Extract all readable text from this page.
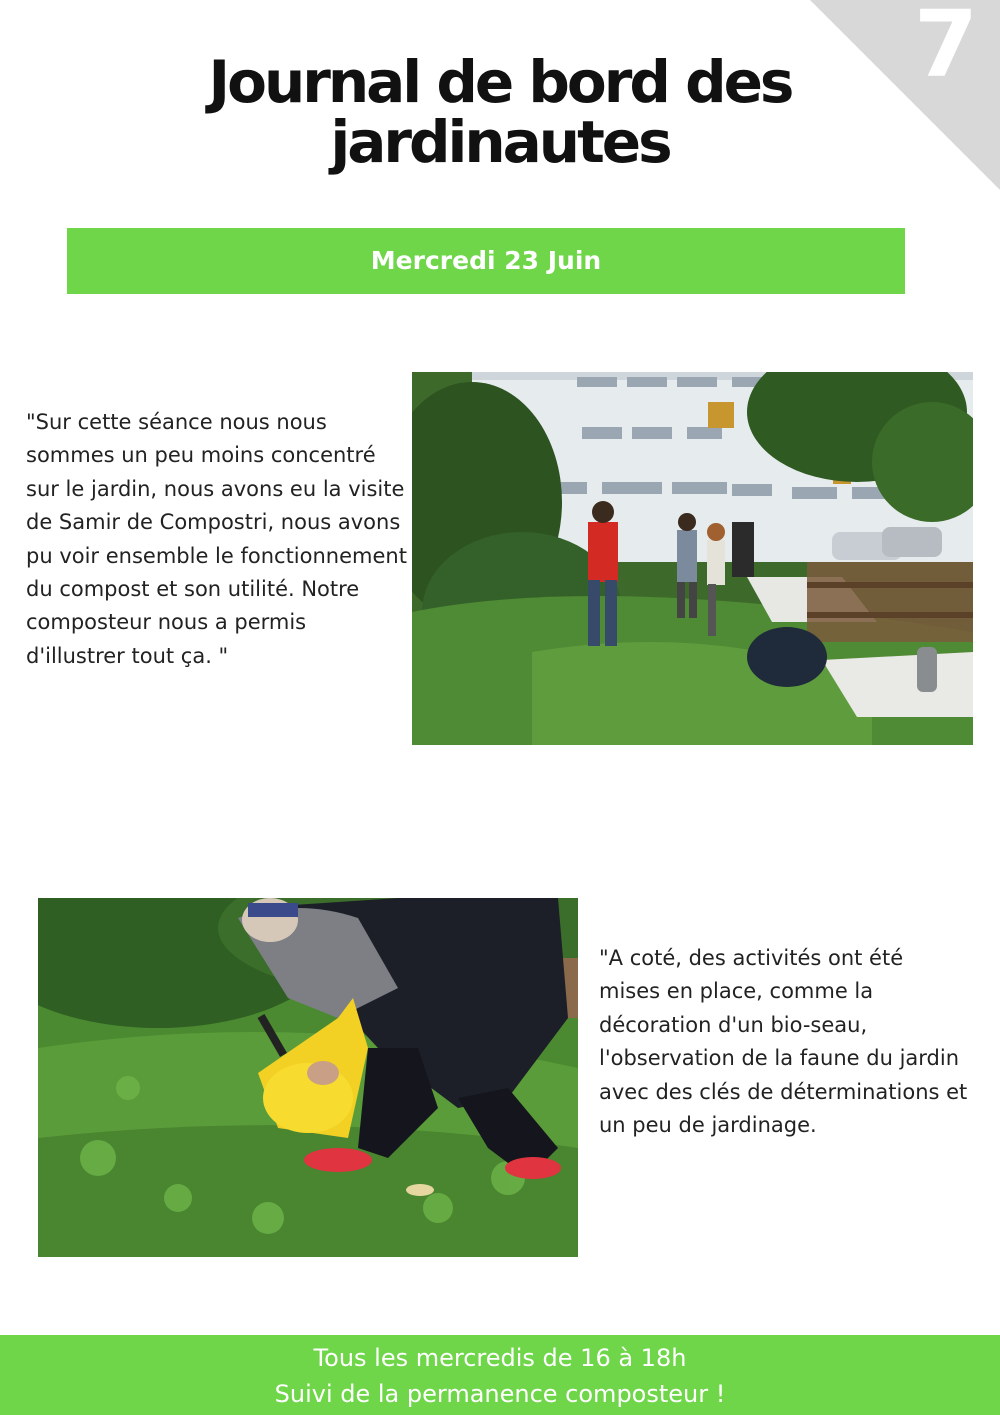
7
Journal de bord des jardinautes
Mercredi 23 Juin

"Sur cette séance nous nous sommes un peu moins concentré sur le jardin, nous avons eu la visite de Samir de Compostri, nous avons pu voir ensemble le fonctionnement du compost et son utilité. Notre composteur nous a permis d'illustrer tout ça. "

"A coté, des activités ont été mises en place, comme la décoration d'un bio-seau, l'observation de la faune du jardin avec des clés de déterminations et un peu de jardinage.

Tous les mercredis de 16 à 18h
Suivi de la permanence composteur !
